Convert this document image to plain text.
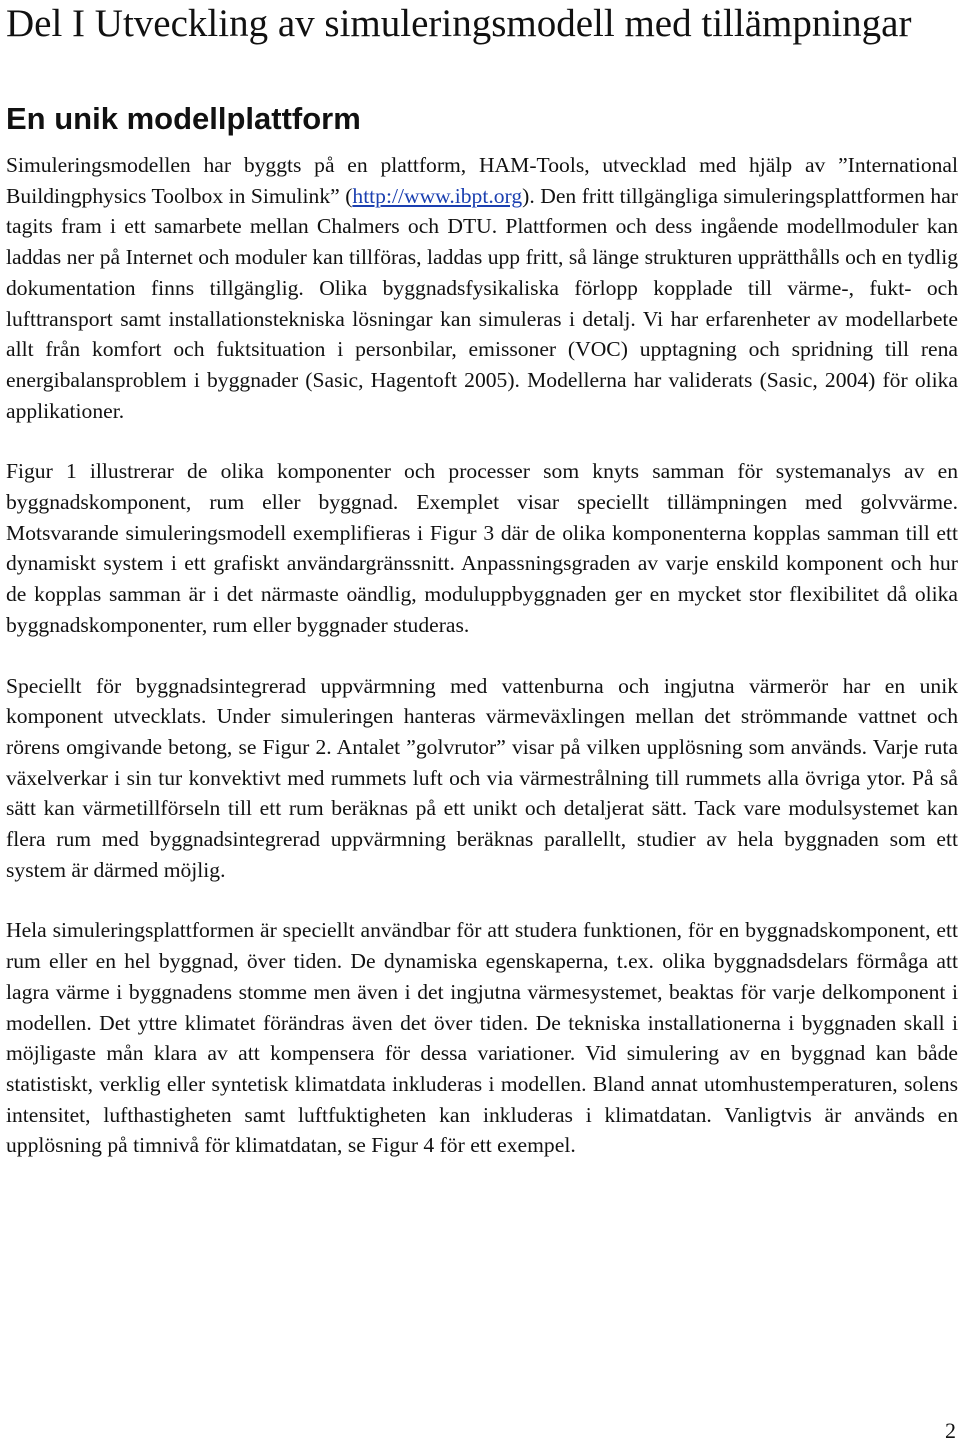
Del I Utveckling av simuleringsmodell med tillämpningar
En unik modellplattform

Simuleringsmodellen har byggts på en plattform, HAM-Tools, utvecklad med hjälp av ”International Buildingphysics Toolbox in Simulink” (http://www.ibpt.org). Den fritt tillgängliga simuleringsplattformen har tagits fram i ett samarbete mellan Chalmers och DTU. Plattformen och dess ingående modellmoduler kan laddas ner på Internet och moduler kan tillföras, laddas upp fritt, så länge strukturen upprätthålls och en tydlig dokumentation finns tillgänglig. Olika byggnadsfysikaliska förlopp kopplade till värme-, fukt- och lufttransport samt installationstekniska lösningar kan simuleras i detalj. Vi har erfarenheter av modellarbete allt från komfort och fuktsituation i personbilar, emissoner (VOC) upptagning och spridning till rena energibalansproblem i byggnader (Sasic, Hagentoft 2005). Modellerna har validerats (Sasic, 2004) för olika applikationer.

Figur 1 illustrerar de olika komponenter och processer som knyts samman för systemanalys av en byggnadskomponent, rum eller byggnad. Exemplet visar speciellt tillämpningen med golvvärme. Motsvarande simuleringsmodell exemplifieras i Figur 3 där de olika komponenterna kopplas samman till ett dynamiskt system i ett grafiskt användargränssnitt. Anpassningsgraden av varje enskild komponent och hur de kopplas samman är i det närmaste oändlig, moduluppbyggnaden ger en mycket stor flexibilitet då olika byggnadskomponenter, rum eller byggnader studeras.

Speciellt för byggnadsintegrerad uppvärmning med vattenburna och ingjutna värmerör har en unik komponent utvecklats. Under simuleringen hanteras värmeväxlingen mellan det strömmande vattnet och rörens omgivande betong, se Figur 2. Antalet ”golvrutor” visar på vilken upplösning som används. Varje ruta växelverkar i sin tur konvektivt med rummets luft och via värmestrålning till rummets alla övriga ytor. På så sätt kan värmetillförseln till ett rum beräknas på ett unikt och detaljerat sätt. Tack vare modulsystemet kan flera rum med byggnadsintegrerad uppvärmning beräknas parallellt, studier av hela byggnaden som ett system är därmed möjlig.

Hela simuleringsplattformen är speciellt användbar för att studera funktionen, för en byggnadskomponent, ett rum eller en hel byggnad, över tiden. De dynamiska egenskaperna, t.ex. olika byggnadsdelars förmåga att lagra värme i byggnadens stomme men även i det ingjutna värmesystemet, beaktas för varje delkomponent i modellen. Det yttre klimatet förändras även det över tiden. De tekniska installationerna i byggnaden skall i möjligaste mån klara av att kompensera för dessa variationer. Vid simulering av en byggnad kan både statistiskt, verklig eller syntetisk klimatdata inkluderas i modellen. Bland annat utomhustemperaturen, solens intensitet, lufthastigheten samt luftfuktigheten kan inkluderas i klimatdatan. Vanligtvis är används en upplösning på timnivå för klimatdatan, se Figur 4 för ett exempel.

2
